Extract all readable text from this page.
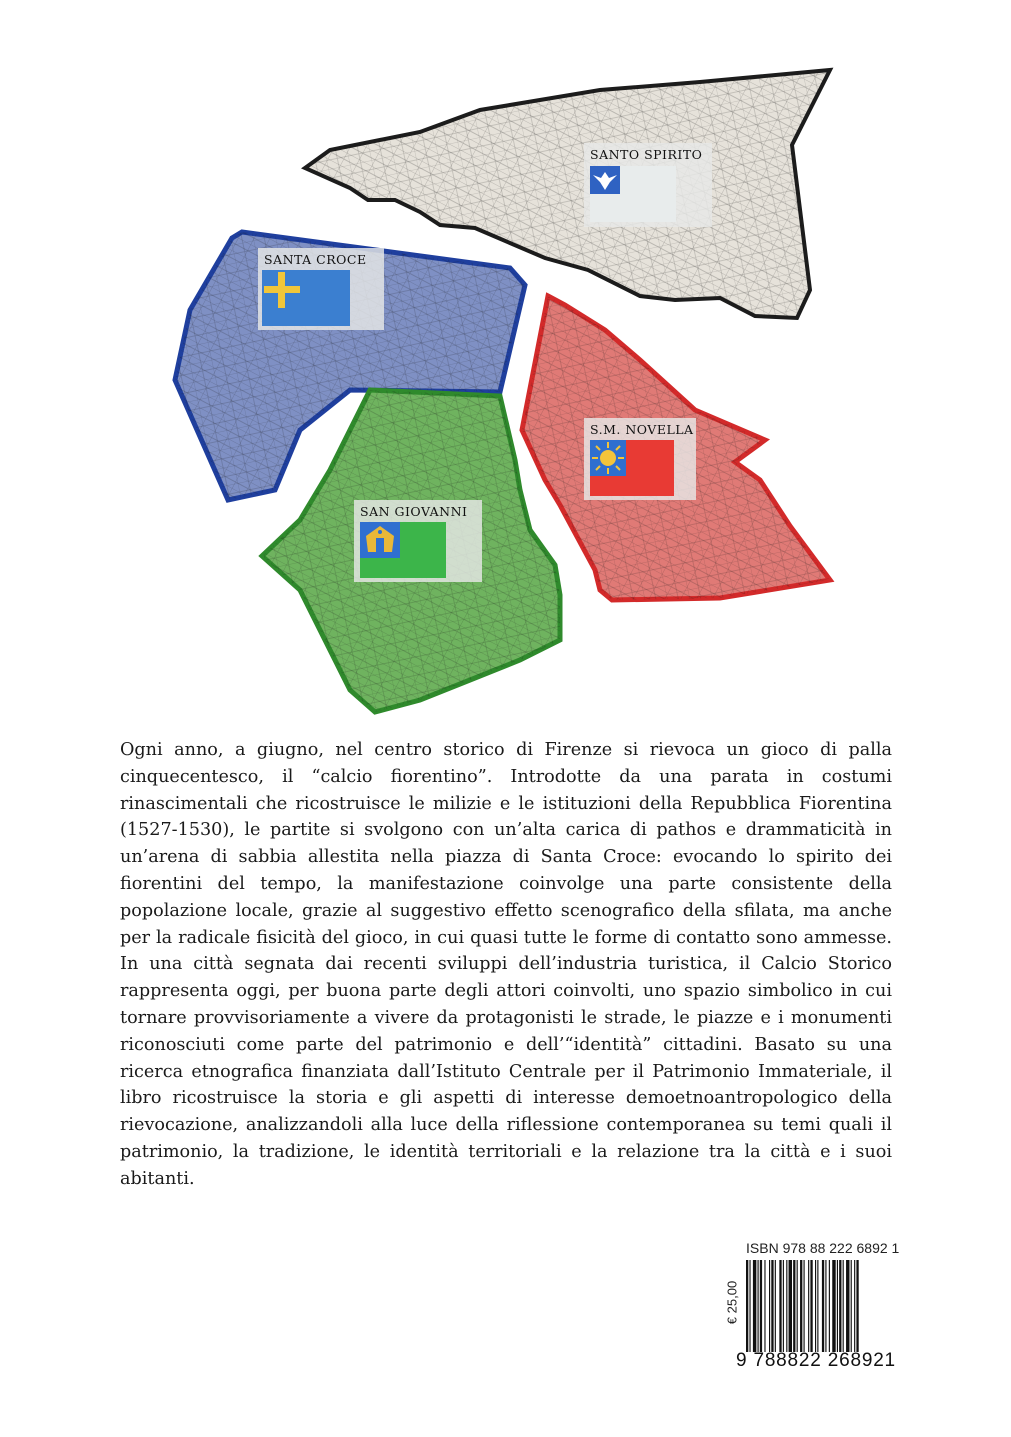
SANTO SPIRITO
SANTA CROCE
S.M. NOVELLA
SAN GIOVANNI

Ogni anno, a giugno, nel centro storico di Firenze si rievoca un gioco di palla cinquecentesco, il “calcio fiorentino”. Introdotte da una parata in costumi rinascimentali che ricostruisce le milizie e le istituzioni della Repubblica Fiorentina (1527-1530), le partite si svolgono con un’alta carica di pathos e drammaticità in un’arena di sabbia allestita nella piazza di Santa Croce: evocando lo spirito dei fiorentini del tempo, la manifestazione coinvolge una parte consistente della popolazione locale, grazie al suggestivo effetto scenografico della sfilata, ma anche per la radicale fisicità del gioco, in cui quasi tutte le forme di contatto sono ammesse. In una città segnata dai recenti sviluppi dell’industria turistica, il Calcio Storico rappresenta oggi, per buona parte degli attori coinvolti, uno spazio simbolico in cui tornare provvisoriamente a vivere da protagonisti le strade, le piazze e i monumenti riconosciuti come parte del patrimonio e dell’“identità” cittadini. Basato su una ricerca etnografica finanziata dall’Istituto Centrale per il Patrimonio Immateriale, il libro ricostruisce la storia e gli aspetti di interesse demoetnoantropologico della rievocazione, analizzandoli alla luce della riflessione contemporanea su temi quali il patrimonio, la tradizione, le identità territoriali e la relazione tra la città e i suoi abitanti.

ISBN 978 88 222 6892 1
€ 25,00
9 788822 268921
